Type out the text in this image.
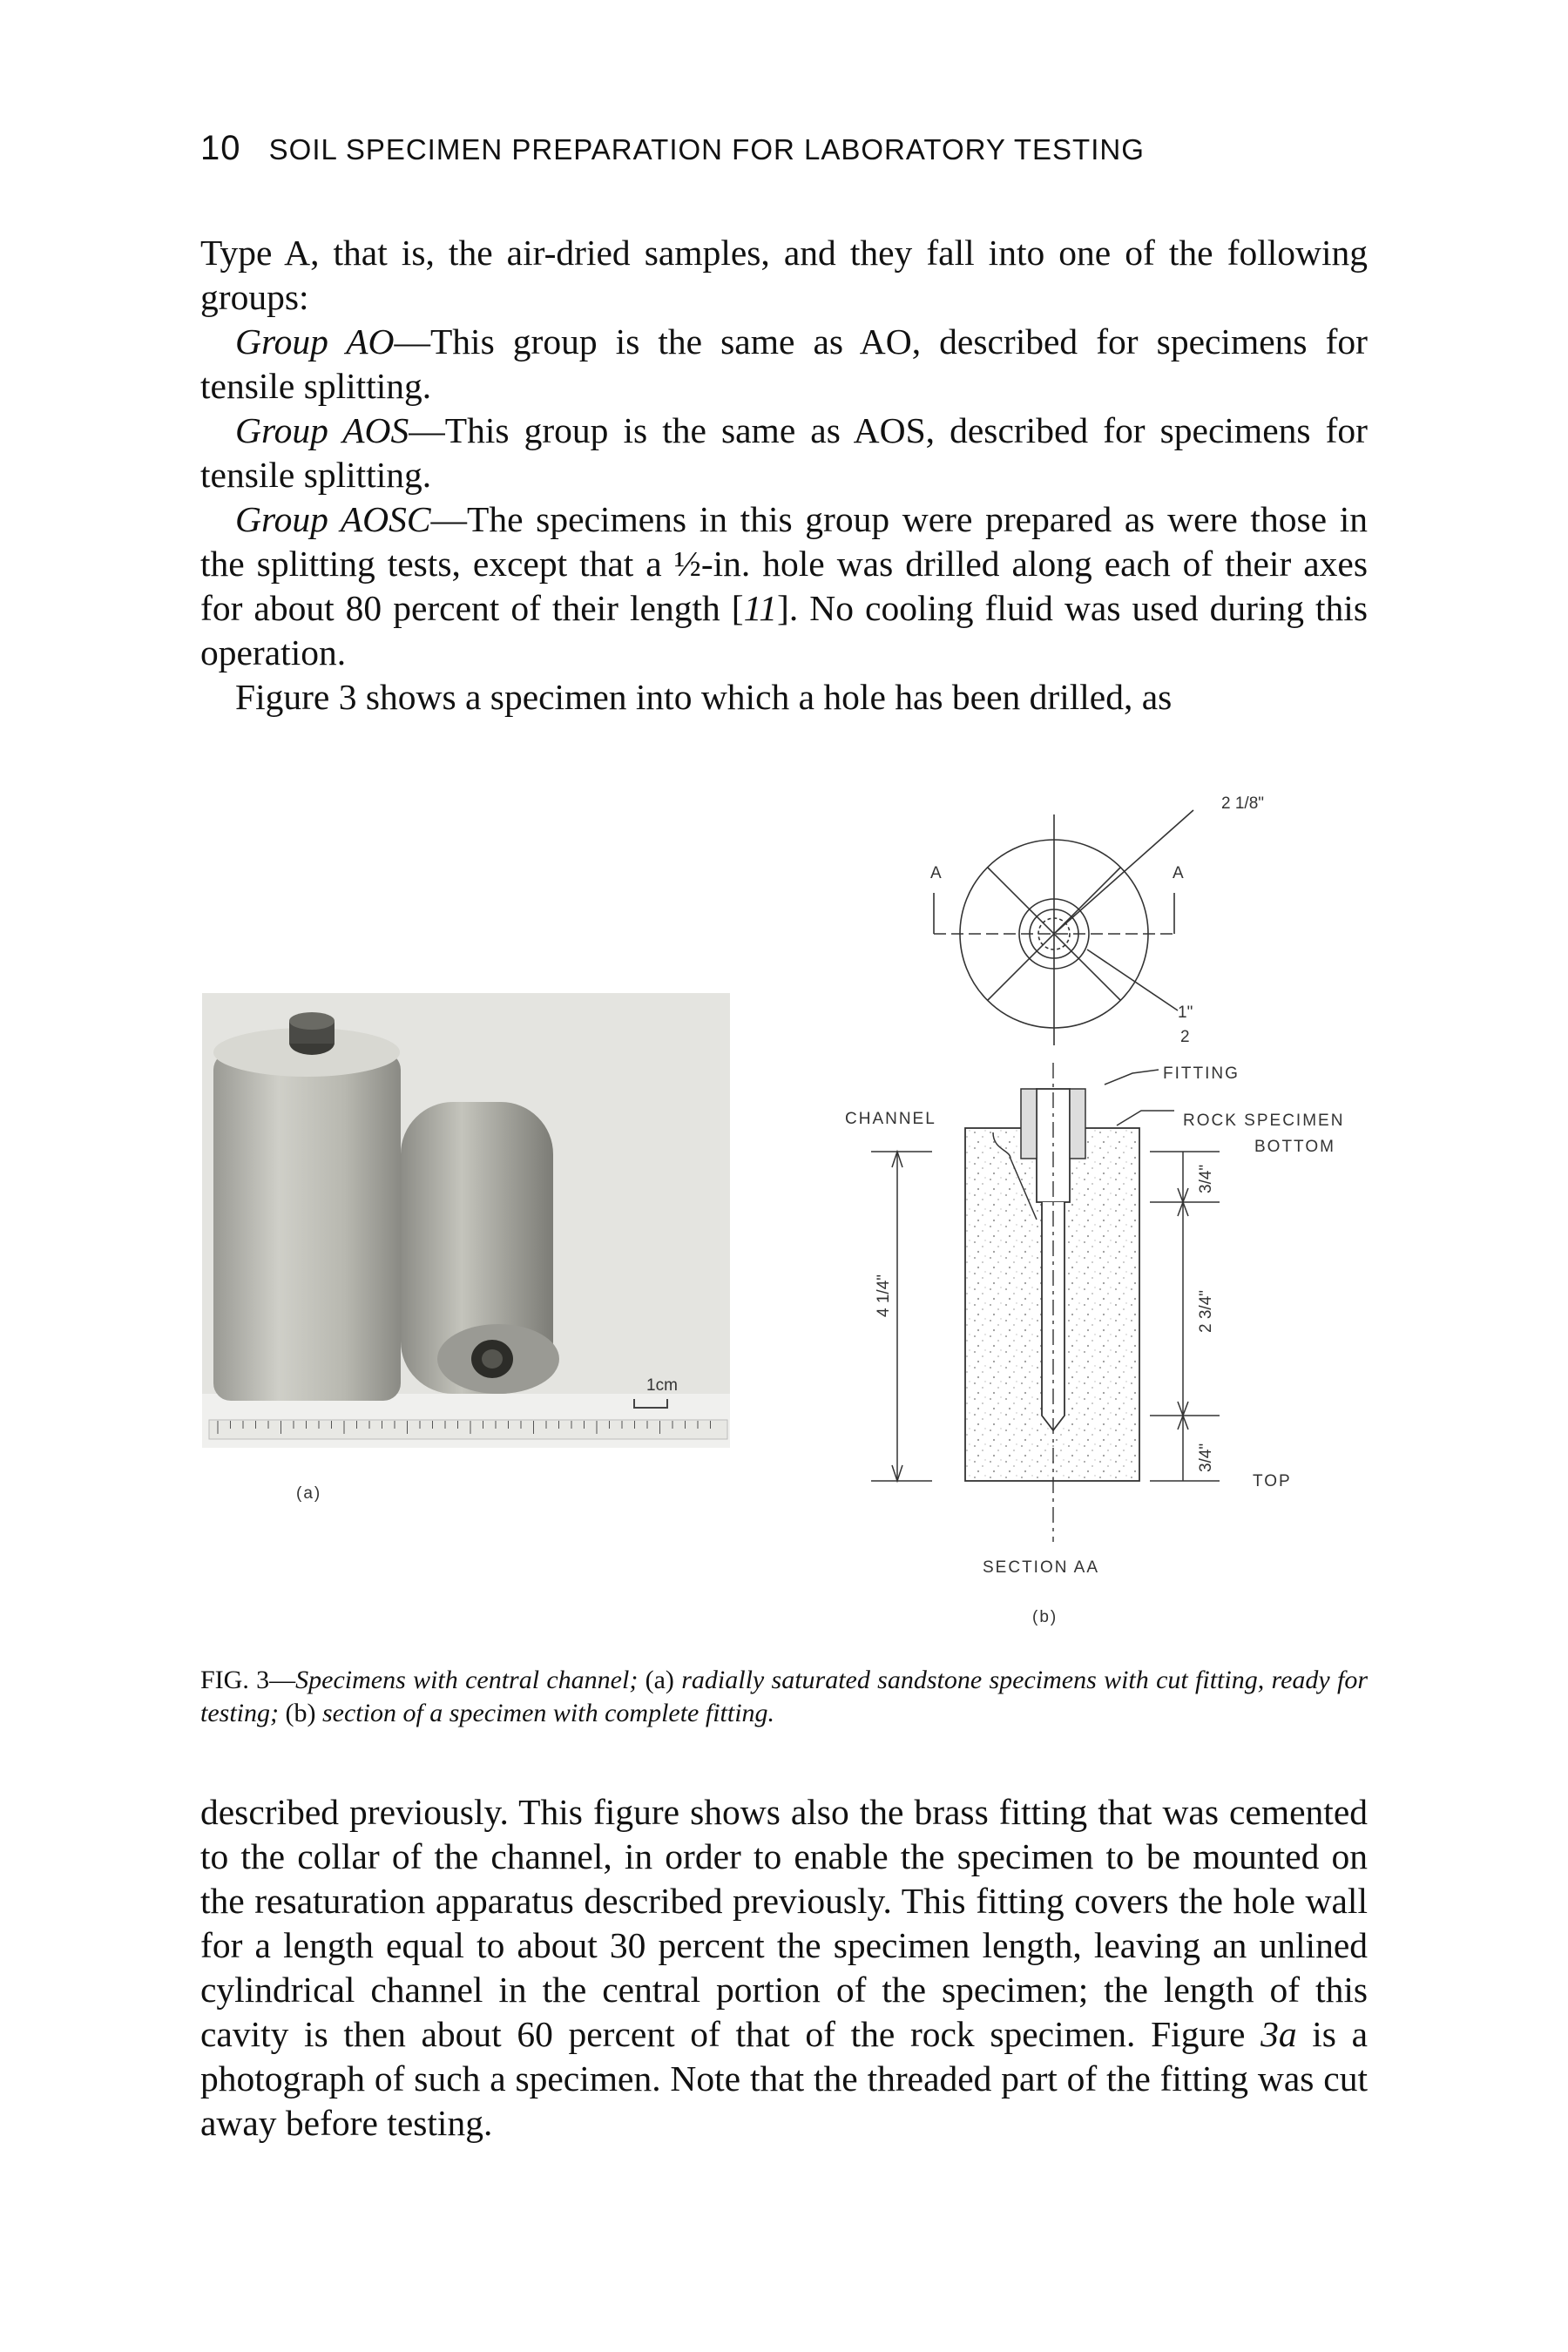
10 SOIL SPECIMEN PREPARATION FOR LABORATORY TESTING

Type A, that is, the air-dried samples, and they fall into one of the following groups:

Group AO—This group is the same as AO, described for specimens for tensile splitting.

Group AOS—This group is the same as AOS, described for specimens for tensile splitting.

Group AOSC—The specimens in this group were prepared as were those in the splitting tests, except that a ½-in. hole was drilled along each of their axes for about 80 percent of their length [11]. No cooling fluid was used during this operation.

Figure 3 shows a specimen into which a hole has been drilled, as

1cm
(a)
2 1/8"
A	A
1"
2
FITTING
CHANNEL	ROCK SPECIMEN
BOTTOM
TOP
4 1/4"
3/4"
2 3/4"
3/4"
SECTION AA
(b)
FIG. 3—Specimens with central channel; (a) radially saturated sandstone specimens with cut fitting, ready for testing; (b) section of a specimen with complete fitting.

described previously. This figure shows also the brass fitting that was cemented to the collar of the channel, in order to enable the specimen to be mounted on the resaturation apparatus described previously. This fitting covers the hole wall for a length equal to about 30 percent the specimen length, leaving an unlined cylindrical channel in the central portion of the specimen; the length of this cavity is then about 60 percent of that of the rock specimen. Figure 3a is a photograph of such a specimen. Note that the threaded part of the fitting was cut away before testing.
